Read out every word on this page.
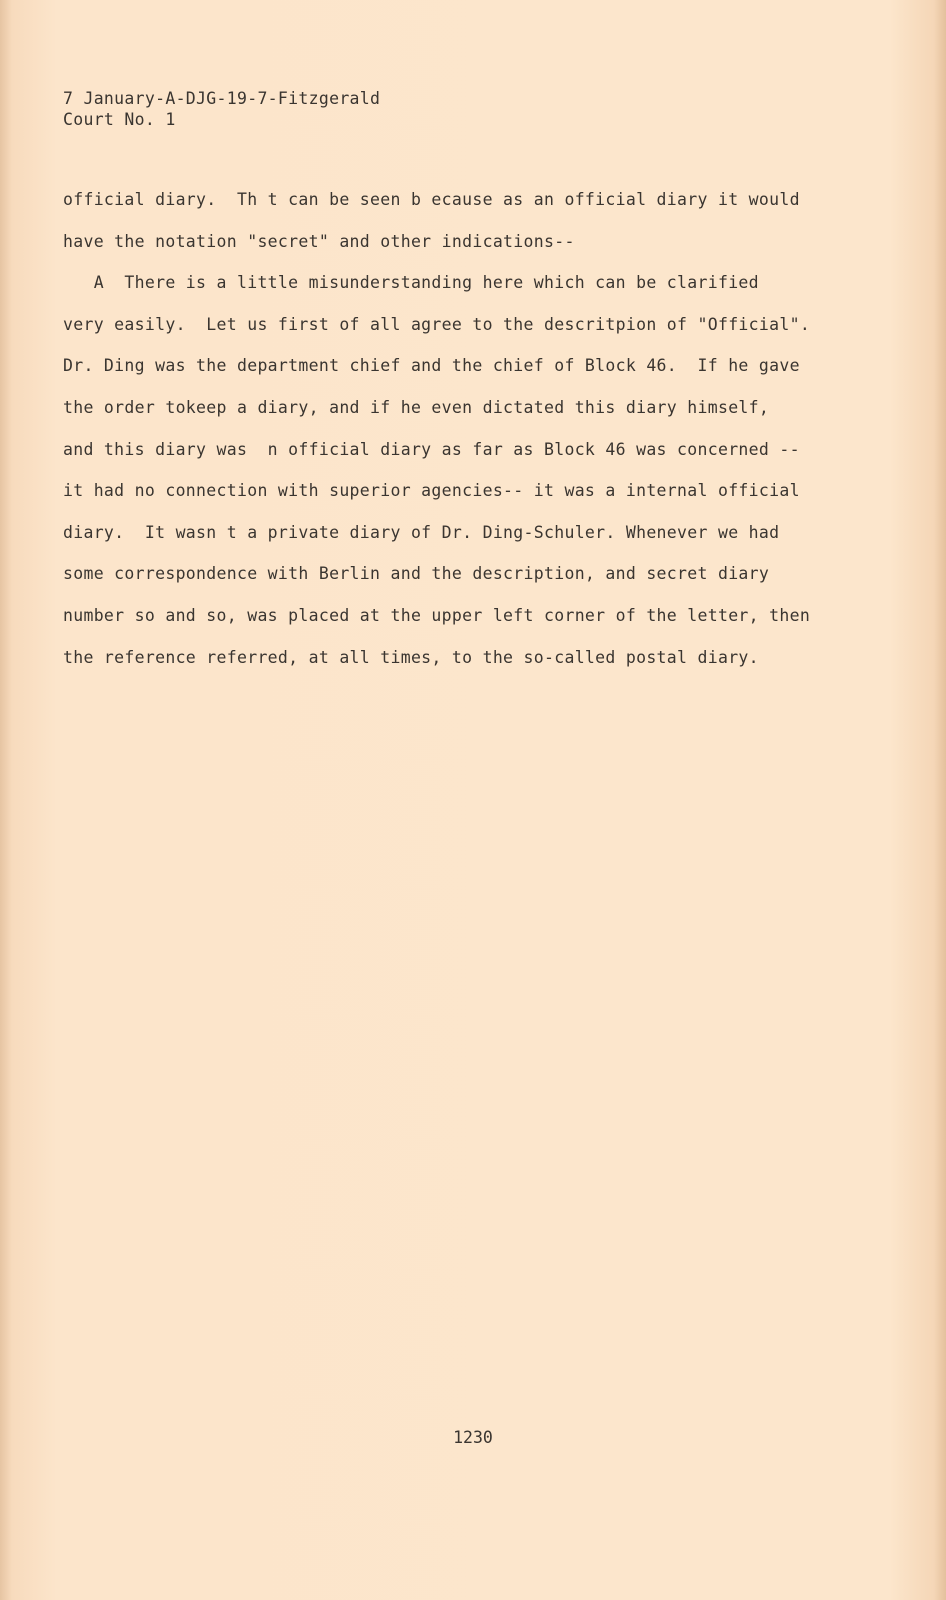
7 January-A-DJG-19-7-Fitzgerald
Court No. 1
official diary.  Th t can be seen b ecause as an official diary it would
have the notation "secret" and other indications--
A  There is a little misunderstanding here which can be clarified
very easily.  Let us first of all agree to the descritpion of "Official".
Dr. Ding was the department chief and the chief of Block 46.  If he gave
the order tokeep a diary, and if he even dictated this diary himself,
and this diary was  n official diary as far as Block 46 was concerned --
it had no connection with superior agencies-- it was a internal official
diary.  It wasn t a private diary of Dr. Ding-Schuler. Whenever we had
some correspondence with Berlin and the description, and secret diary
number so and so, was placed at the upper left corner of the letter, then
the reference referred, at all times, to the so-called postal diary.
1230
